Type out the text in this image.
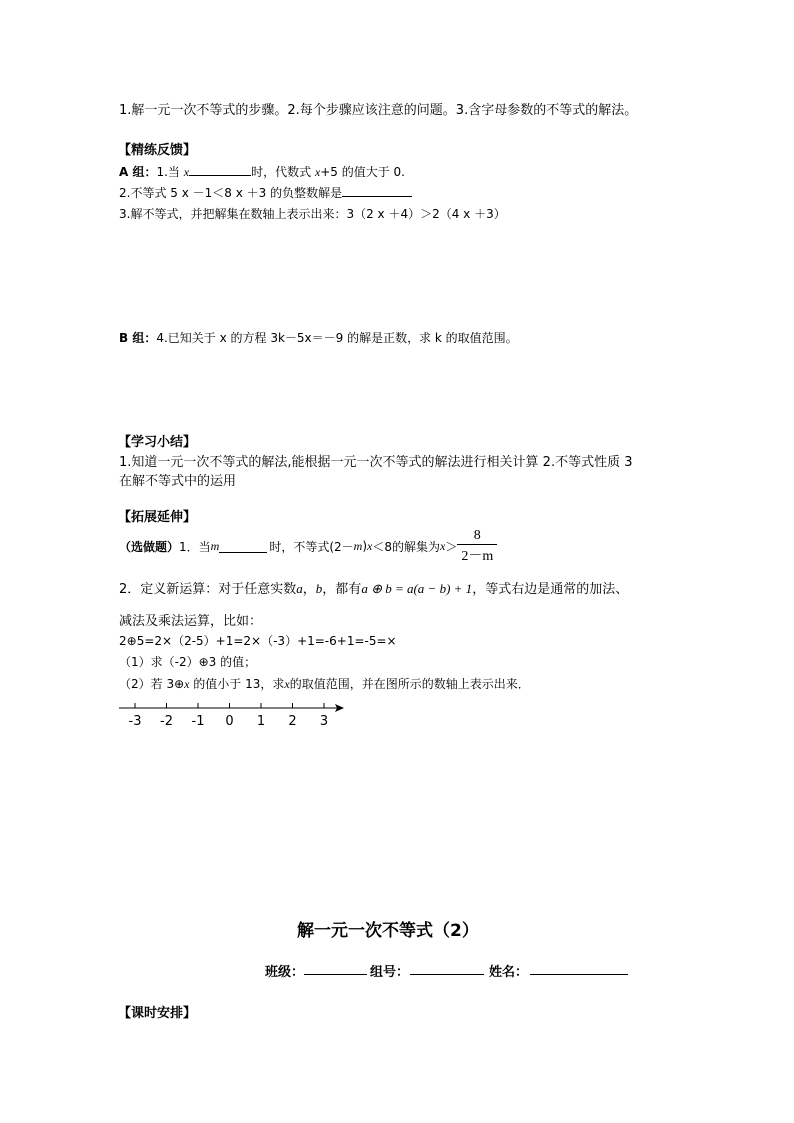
1.解一元一次不等式的步骤。2.每个步骤应该注意的问题。3.含字母参数的不等式的解法。
【精练反馈】
A 组：1.当 x	时，代数式 x+5 的值大于 0.
2.不等式 5 x －1＜8 x ＋3 的负整数解是
3.解不等式，并把解集在数轴上表示出来：3（2 x ＋4）＞2（4 x ＋3）
B 组：4.已知关于 x 的方程 3k－5x＝－9 的解是正数，求 k 的取值范围。
【学习小结】
1.知道一元一次不等式的解法,能根据一元一次不等式的解法进行相关计算 2.不等式性质 3
在解不等式中的运用
【拓展延伸】
（选做题） 1．当 m	时，不等式(2－ m ) x ＜8的解集为 $x > \frac{8}{2-m}$
2．定义新运算：对于任意实数a，b，都有a ⊕ b = a(a − b) + 1，等式右边是通常的加法、
减法及乘法运算，比如：
2⊕5=2×（2-5）+1=2×（-3）+1=-6+1=-5=×
（1）求（-2）⊕3 的值；
（2）若 3⊕x 的值小于 13，求x的取值范围，并在图所示的数轴上表示出来．
-3 -2 -1 0 1 2 3
解一元一次不等式（2）
班级：	组号：	姓名：
【课时安排】
